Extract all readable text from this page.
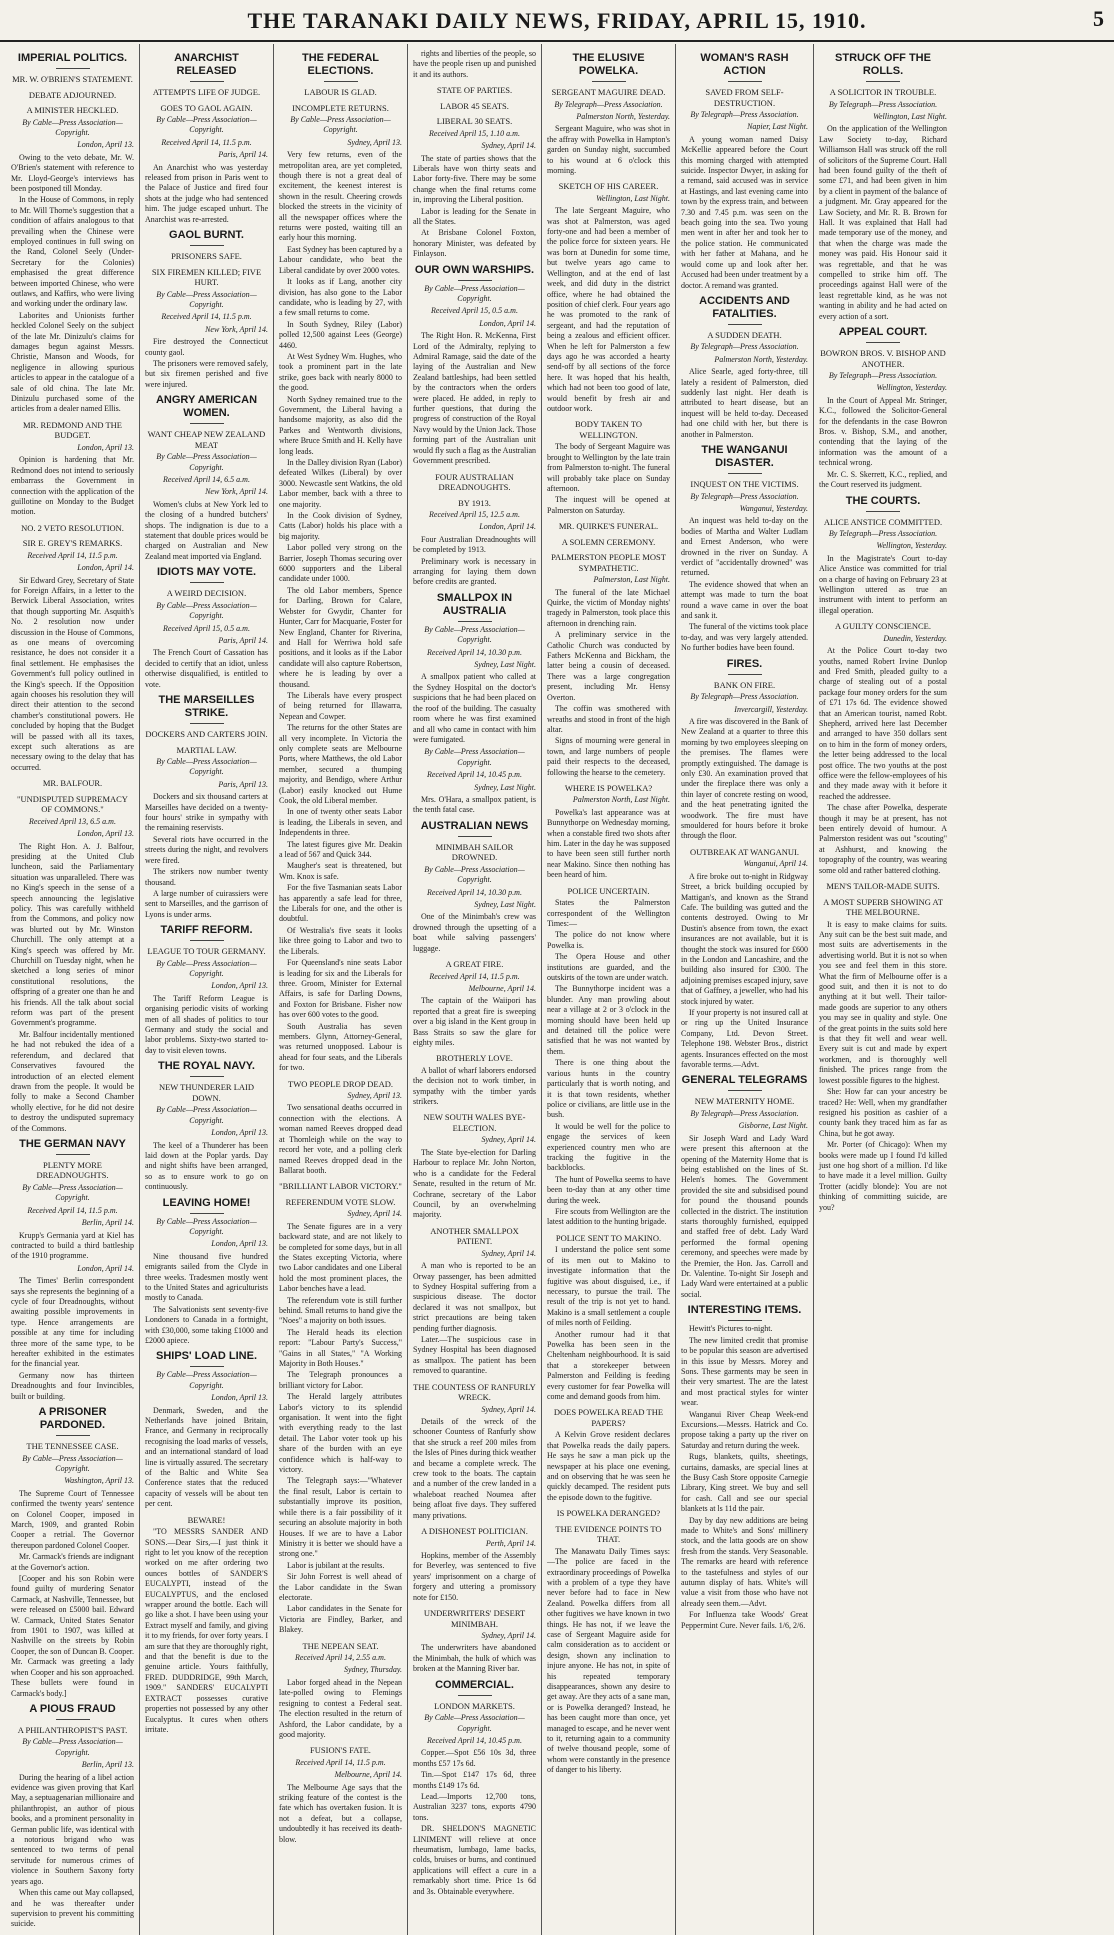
THE TARANAKI DAILY NEWS, FRIDAY, APRIL 15, 1910.	5
IMPERIAL POLITICS.
MR. W. O'BRIEN'S STATEMENT.
DEBATE ADJOURNED.
A MINISTER HECKLED.
By Cable—Press Association—Copyright.
London, April 13.

Owing to the veto debate, Mr. W. O'Brien's statement with reference to Mr. Lloyd-George's interviews has been postponed till Monday.

In the House of Commons, in reply to Mr. Will Thorne's suggestion that a condition of affairs analogous to that prevailing when the Chinese were employed continues in full swing on the Rand, Colonel Seely (Under-Secretary for the Colonies) emphasised the great difference between imported Chinese, who were outlaws, and Kaffirs, who were living and working under the ordinary law.

Laborites and Unionists further heckled Colonel Seely on the subject of the late Mr. Dinizulu's claims for damages begun against Messrs. Christie, Manson and Woods, for negligence in allowing spurious articles to appear in the catalogue of a sale of old china. The late Mr. Dinizulu purchased some of the articles from a dealer named Ellis.

MR. REDMOND AND THE BUDGET.
London, April 13.

Opinion is hardening that Mr. Redmond does not intend to seriously embarrass the Government in connection with the application of the guillotine on Monday to the Budget motion.

NO. 2 VETO RESOLUTION.
SIR E. GREY'S REMARKS.
Received April 14, 11.5 p.m.
London, April 14.

Sir Edward Grey, Secretary of State for Foreign Affairs, in a letter to the Berwick Liberal Association, writes that though supporting Mr. Asquith's No. 2 resolution now under discussion in the House of Commons, as one means of overcoming resistance, he does not consider it a final settlement. He emphasises the Government's full policy outlined in the King's speech. If the Opposition again chooses his resolution they will direct their attention to the second chamber's constitutional powers. He concluded by hoping that the Budget will be passed with all its taxes, except such alterations as are necessary owing to the delay that has occurred.

MR. BALFOUR.
"UNDISPUTED SUPREMACY OF COMMONS."
Received April 13, 6.5 a.m.
London, April 13.

The Right Hon. A. J. Balfour, presiding at the United Club luncheon, said the Parliamentary situation was unparalleled. There was no King's speech in the sense of a speech announcing the legislative policy. This was carefully withheld from the Commons, and policy now was blurted out by Mr. Winston Churchill. The only attempt at a King's speech was offered by Mr. Churchill on Tuesday night, when he sketched a long series of minor constitutional resolutions, the offspring of a greater one than he and his friends. All the talk about social reform was part of the present Government's programme.

Mr. Balfour incidentally mentioned he had not rebuked the idea of a referendum, and declared that Conservatives favoured the introduction of an elected element drawn from the people. It would be folly to make a Second Chamber wholly elective, for he did not desire to destroy the undisputed supremacy of the Commons.

THE GERMAN NAVY
PLENTY MORE DREADNOUGHTS.
By Cable—Press Association—Copyright.
Received April 14, 11.5 p.m.
Berlin, April 14.

Krupp's Germania yard at Kiel has contracted to build a third battleship of the 1910 programme.

London, April 14.

The Times' Berlin correspondent says she represents the beginning of a cycle of four Dreadnoughts, without awaiting possible improvements in type. Hence arrangements are possible at any time for including three more of the same type, to be hereafter exhibited in the estimates for the financial year.

Germany now has thirteen Dreadnoughts and four Invincibles, built or building.

A PRISONER PARDONED.
THE TENNESSEE CASE.
By Cable—Press Association—Copyright.
Washington, April 13.

The Supreme Court of Tennessee confirmed the twenty years' sentence on Colonel Cooper, imposed in March, 1909, and granted Robin Cooper a retrial. The Governor thereupon pardoned Colonel Cooper.

Mr. Carmack's friends are indignant at the Governor's action.

[Cooper and his son Robin were found guilty of murdering Senator Carmack, at Nashville, Tennessee, but were released on £5000 bail. Edward W. Carmack, United States Senator from 1901 to 1907, was killed at Nashville on the streets by Robin Cooper, the son of Duncan B. Cooper. Mr. Carmack was greeting a lady when Cooper and his son approached. These bullets were found in Carmack's body.]

A PIOUS FRAUD
A PHILANTHROPIST'S PAST.
By Cable—Press Association—Copyright.
Berlin, April 13.

During the hearing of a libel action evidence was given proving that Karl May, a septuagenarian millionaire and philanthropist, an author of pious books, and a prominent personality in German public life, was identical with a notorious brigand who was sentenced to two terms of penal servitude for numerous crimes of violence in Southern Saxony forty years ago.

When this came out May collapsed, and he was thereafter under supervision to prevent his committing suicide.

ANARCHIST RELEASED
ATTEMPTS LIFE OF JUDGE.
GOES TO GAOL AGAIN.
By Cable—Press Association—Copyright.
Received April 14, 11.5 p.m.
Paris, April 14.

An Anarchist who was yesterday released from prison in Paris went to the Palace of Justice and fired four shots at the judge who had sentenced him. The judge escaped unhurt. The Anarchist was re-arrested.

GAOL BURNT.
PRISONERS SAFE.
SIX FIREMEN KILLED; FIVE HURT.
By Cable—Press Association—Copyright.
Received April 14, 11.5 p.m.
New York, April 14.

Fire destroyed the Connecticut county gaol.

The prisoners were removed safely, but six firemen perished and five were injured.

ANGRY AMERICAN WOMEN.
WANT CHEAP NEW ZEALAND MEAT
By Cable—Press Association—Copyright.
Received April 14, 6.5 a.m.
New York, April 14.

Women's clubs at New York led to the closing of a hundred butchers' shops. The indignation is due to a statement that double prices would be charged on Australian and New Zealand meat imported via England.

IDIOTS MAY VOTE.
A WEIRD DECISION.
By Cable—Press Association—Copyright.
Received April 15, 0.5 a.m.
Paris, April 14.

The French Court of Cassation has decided to certify that an idiot, unless otherwise disqualified, is entitled to vote.

THE MARSEILLES STRIKE.
DOCKERS AND CARTERS JOIN.
MARTIAL LAW.
By Cable—Press Association—Copyright.
Paris, April 13.

Dockers and six thousand carters at Marseilles have decided on a twenty-four hours' strike in sympathy with the remaining reservists.

Several riots have occurred in the streets during the night, and revolvers were fired.

The strikers now number twenty thousand.

A large number of cuirassiers were sent to Marseilles, and the garrison of Lyons is under arms.

TARIFF REFORM.
LEAGUE TO TOUR GERMANY.
By Cable—Press Association—Copyright.
London, April 13.

The Tariff Reform League is organising periodic visits of working men of all shades of politics to tour Germany and study the social and labor problems. Sixty-two started to-day to visit eleven towns.

THE ROYAL NAVY.
NEW THUNDERER LAID DOWN.
By Cable—Press Association—Copyright.
London, April 13.

The keel of a Thunderer has been laid down at the Poplar yards. Day and night shifts have been arranged, so as to ensure work to go on continuously.

LEAVING HOME!
By Cable—Press Association—Copyright.
London, April 13.

Nine thousand five hundred emigrants sailed from the Clyde in three weeks. Tradesmen mostly went to the United States and agriculturists mostly to Canada.

The Salvationists sent seventy-five Londoners to Canada in a fortnight, with £30,000, some taking £1000 and £2000 apiece.

SHIPS' LOAD LINE.
By Cable—Press Association—Copyright.
London, April 13.

Denmark, Sweden, and the Netherlands have joined Britain, France, and Germany in reciprocally recognising the load marks of vessels, and an international standard of load line is virtually assured. The secretary of the Baltic and White Sea Conference states that the reduced capacity of vessels will be about ten per cent.

BEWARE!

"TO MESSRS SANDER AND SONS.—Dear Sirs,—I just think it right to let you know of the reception worked on me after ordering two ounces bottles of SANDER'S EUCALYPTI, instead of the EUCALYPTUS, and the enclosed wrapper around the bottle. Each will go like a shot. I have been using your Extract myself and family, and giving it to my friends, for over forty years. I am sure that they are thoroughly right, and that the benefit is due to the genuine article. Yours faithfully, FRED. DUDDRIDGE, 99th March, 1909." SANDERS' EUCALYPTI EXTRACT possesses curative properties not possessed by any other Eucalyptus. It cures when others irritate.

THE FEDERAL ELECTIONS.
LABOUR IS GLAD.
INCOMPLETE RETURNS.
By Cable—Press Association—Copyright.
Sydney, April 13.

Very few returns, even of the metropolitan area, are yet completed, though there is not a great deal of excitement, the keenest interest is shown in the result. Cheering crowds blocked the streets in the vicinity of all the newspaper offices where the returns were posted, waiting till an early hour this morning.

East Sydney has been captured by a Labour candidate, who beat the Liberal candidate by over 2000 votes.

It looks as if Lang, another city division, has also gone to the Labor candidate, who is leading by 27, with a few small returns to come.

In South Sydney, Riley (Labor) polled 12,500 against Lees (George) 4460.

At West Sydney Wm. Hughes, who took a prominent part in the late strike, goes back with nearly 8000 to the good.

North Sydney remained true to the Government, the Liberal having a handsome majority, as also did the Parkes and Wentworth divisions, where Bruce Smith and H. Kelly have long leads.

In the Dalley division Ryan (Labor) defeated Wilkes (Liberal) by over 3000. Newcastle sent Watkins, the old Labor member, back with a three to one majority.

In the Cook division of Sydney, Catts (Labor) holds his place with a big majority.

Labor polled very strong on the Barrier, Joseph Thomas securing over 6000 supporters and the Liberal candidate under 1000.

The old Labor members, Spence for Darling, Brown for Calare, Webster for Gwydir, Chanter for Hunter, Carr for Macquarie, Foster for New England, Chanter for Riverina, and Hall for Werriwa hold safe positions, and it looks as if the Labor candidate will also capture Robertson, where he is leading by over a thousand.

The Liberals have every prospect of being returned for Illawarra, Nepean and Cowper.

The returns for the other States are all very incomplete. In Victoria the only complete seats are Melbourne Ports, where Matthews, the old Labor member, secured a thumping majority, and Bendigo, where Arthur (Labor) easily knocked out Hume Cook, the old Liberal member.

In one of twenty other seats Labor is leading, the Liberals in seven, and Independents in three.

The latest figures give Mr. Deakin a lead of 567 and Quick 344.

Maugher's seat is threatened, but Wm. Knox is safe.

For the five Tasmanian seats Labor has apparently a safe lead for three, the Liberals for one, and the other is doubtful.

Of Westralia's five seats it looks like three going to Labor and two to the Liberals.

For Queensland's nine seats Labor is leading for six and the Liberals for three. Groom, Minister for External Affairs, is safe for Darling Downs, and Foxton for Brisbane. Fisher now has over 600 votes to the good.

South Australia has seven members. Glynn, Attorney-General, was returned unopposed. Labour is ahead for four seats, and the Liberals for two.

TWO PEOPLE DROP DEAD.
Sydney, April 13.

Two sensational deaths occurred in connection with the elections. A woman named Reeves dropped dead at Thornleigh while on the way to record her vote, and a polling clerk named Reeves dropped dead in the Ballarat booth.

"BRILLIANT LABOR VICTORY."
REFERENDUM VOTE SLOW.
Sydney, April 14.

The Senate figures are in a very backward state, and are not likely to be completed for some days, but in all the States excepting Victoria, where two Labor candidates and one Liberal hold the most prominent places, the Labor benches have a lead.

The referendum vote is still further behind. Small returns to hand give the "Noes" a majority on both issues.

The Herald heads its election report: "Labour Party's Success," "Gains in all States," "A Working Majority in Both Houses."

The Telegraph pronounces a brilliant victory for Labor.

The Herald largely attributes Labor's victory to its splendid organisation. It went into the fight with everything ready to the last detail. The Labor voter took up his share of the burden with an eye confidence which is half-way to victory.

The Telegraph says:—"Whatever the final result, Labor is certain to substantially improve its position, while there is a fair possibility of it securing an absolute majority in both Houses. If we are to have a Labor Ministry it is better we should have a strong one."

Labor is jubilant at the results.

Sir John Forrest is well ahead of the Labor candidate in the Swan electorate.

Labor candidates in the Senate for Victoria are Findley, Barker, and Blakey.

THE NEPEAN SEAT.
Received April 14, 2.55 a.m.
Sydney, Thursday.

Labor forged ahead in the Nepean late-polled owing to Flemings resigning to contest a Federal seat. The election resulted in the return of Ashford, the Labor candidate, by a good majority.

FUSION'S FATE.
Received April 14, 11.5 p.m.
Melbourne, April 14.

The Melbourne Age says that the striking feature of the contest is the fate which has overtaken fusion. It is not a defeat, but a collapse, undoubtedly it has received its death-blow.

rights and liberties of the people, so have the people risen up and punished it and its authors.

STATE OF PARTIES.
LABOR 45 SEATS.
LIBERAL 30 SEATS.
Received April 15, 1.10 a.m.
Sydney, April 14.

The state of parties shows that the Liberals have won thirty seats and Labor forty-five. There may be some change when the final returns come in, improving the Liberal position.

Labor is leading for the Senate in all the States.

At Brisbane Colonel Foxton, honorary Minister, was defeated by Finlayson.

OUR OWN WARSHIPS.
By Cable—Press Association—Copyright.
Received April 15, 0.5 a.m.
London, April 14.

The Right Hon. R. McKenna, First Lord of the Admiralty, replying to Admiral Ramage, said the date of the laying of the Australian and New Zealand battleships, had been settled by the contractors when the orders were placed. He added, in reply to further questions, that during the progress of construction of the Royal Navy would by the Union Jack. Those forming part of the Australian unit would fly such a flag as the Australian Government prescribed.

FOUR AUSTRALIAN DREADNOUGHTS.
BY 1913.
Received April 15, 12.5 a.m.
London, April 14.

Four Australian Dreadnoughts will be completed by 1913.

Preliminary work is necessary in arranging for laying them down before credits are granted.

SMALLPOX IN AUSTRALIA
By Cable—Press Association—Copyright.
Received April 14, 10.30 p.m.
Sydney, Last Night.

A smallpox patient who called at the Sydney Hospital on the doctor's suspicions that he had been placed on the roof of the building. The casualty room where he was first examined and all who came in contact with him were fumigated.

By Cable—Press Association—Copyright.
Received April 14, 10.45 p.m.
Sydney, Last Night.

Mrs. O'Hara, a smallpox patient, is the tenth fatal case.

AUSTRALIAN NEWS
MINIMBAH SAILOR DROWNED.
By Cable—Press Association—Copyright.
Received April 14, 10.30 p.m.
Sydney, Last Night.

One of the Minimbah's crew was drowned through the upsetting of a boat while salving passengers' luggage.

A GREAT FIRE.
Received April 14, 11.5 p.m.
Melbourne, April 14.

The captain of the Waiipori has reported that a great fire is sweeping over a big island in the Kent group in Bass Straits so saw the glare for eighty miles.

BROTHERLY LOVE.

A ballot of wharf laborers endorsed the decision not to work timber, in sympathy with the timber yards strikers.

NEW SOUTH WALES BYE-ELECTION.
Sydney, April 14.

The State bye-election for Darling Harbour to replace Mr. John Norton, who is a candidate for the Federal Senate, resulted in the return of Mr. Cochrane, secretary of the Labor Council, by an overwhelming majority.

ANOTHER SMALLPOX PATIENT.
Sydney, April 14.

A man who is reported to be an Orway passenger, has been admitted to Sydney Hospital suffering from a suspicious disease. The doctor declared it was not smallpox, but strict precautions are being taken pending further diagnosis.

Later.—The suspicious case in Sydney Hospital has been diagnosed as smallpox. The patient has been removed to quarantine.

THE COUNTESS OF RANFURLY WRECK.
Sydney, April 14.

Details of the wreck of the schooner Countess of Ranfurly show that she struck a reef 200 miles from the Isles of Pines during thick weather and became a complete wreck. The crew took to the boats. The captain and a number of the crew landed in a whaleboat reached Noumea after being afloat five days. They suffered many privations.

A DISHONEST POLITICIAN.
Perth, April 14.

Hopkins, member of the Assembly for Beverley, was sentenced to five years' imprisonment on a charge of forgery and uttering a promissory note for £150.

UNDERWRITERS' DESERT MINIMBAH.
Sydney, April 14.

The underwriters have abandoned the Minimbah, the hulk of which was broken at the Manning River bar.

COMMERCIAL.
LONDON MARKETS.
By Cable—Press Association—Copyright.
Received April 14, 10.45 p.m.

Copper.—Spot £56 10s 3d, three months £57 17s 6d.

Tin.—Spot £147 17s 6d, three months £149 17s 6d.

Lead.—Imports 12,700 tons, Australian 3237 tons, exports 4790 tons.

DR. SHELDON'S MAGNETIC LINIMENT will relieve at once rheumatism, lumbago, lame backs, colds, bruises or burns, and continued applications will effect a cure in a remarkably short time. Price 1s 6d and 3s. Obtainable everywhere.

THE ELUSIVE POWELKA.
SERGEANT MAGUIRE DEAD.
By Telegraph—Press Association.
Palmerston North, Yesterday.

Sergeant Maguire, who was shot in the affray with Powelka in Hampton's garden on Sunday night, succumbed to his wound at 6 o'clock this morning.

SKETCH OF HIS CAREER.
Wellington, Last Night.

The late Sergeant Maguire, who was shot at Palmerston, was aged forty-one and had been a member of the police force for sixteen years. He was born at Dunedin for some time, but twelve years ago came to Wellington, and at the end of last week, and did duty in the district office, where he had obtained the position of chief clerk. Four years ago he was promoted to the rank of sergeant, and had the reputation of being a zealous and efficient officer. When he left for Palmerston a few days ago he was accorded a hearty send-off by all sections of the force here. It was hoped that his health, which had not been too good of late, would benefit by fresh air and outdoor work.

BODY TAKEN TO WELLINGTON.

The body of Sergeant Maguire was brought to Wellington by the late train from Palmerston to-night. The funeral will probably take place on Sunday afternoon.

The inquest will be opened at Palmerston on Saturday.

MR. QUIRKE'S FUNERAL.
A SOLEMN CEREMONY.
PALMERSTON PEOPLE MOST SYMPATHETIC.
Palmerston, Last Night.

The funeral of the late Michael Quirke, the victim of Monday nights' tragedy in Palmerston, took place this afternoon in drenching rain.

A preliminary service in the Catholic Church was conducted by Fathers McKenna and Bickham, the latter being a cousin of deceased. There was a large congregation present, including Mr. Hensy Overton.

The coffin was smothered with wreaths and stood in front of the high altar.

Signs of mourning were general in town, and large numbers of people paid their respects to the deceased, following the hearse to the cemetery.

WHERE IS POWELKA?
Palmerston North, Last Night.

Powelka's last appearance was at Bunnythorpe on Wednesday morning, when a constable fired two shots after him. Later in the day he was supposed to have been seen still further north near Makino. Since then nothing has been heard of him.

POLICE UNCERTAIN.

States the Palmerston correspondent of the Wellington Times:—

The police do not know where Powelka is.

The Opera House and other institutions are guarded, and the outskirts of the town are under watch.

The Bunnythorpe incident was a blunder. Any man prowling about near a village at 2 or 3 o'clock in the morning should have been held up and detained till the police were satisfied that he was not wanted by them.

There is one thing about the various hunts in the country particularly that is worth noting, and it is that town residents, whether police or civilians, are little use in the bush.

It would be well for the police to engage the services of keen experienced country men who are tracking the fugitive in the backblocks.

The hunt of Powelka seems to have been to-day than at any other time during the week.

Fire scouts from Wellington are the latest addition to the hunting brigade.

POLICE SENT TO MAKINO.

I understand the police sent some of its men out to Makino to investigate information that the fugitive was about disguised, i.e., if necessary, to pursue the trail. The result of the trip is not yet to hand. Makino is a small settlement a couple of miles north of Feilding.

Another rumour had it that Powelka has been seen in the Cheltenham neighbourhood. It is said that a storekeeper between Palmerston and Feilding is feeding every customer for fear Powelka will come and demand goods from him.

DOES POWELKA READ THE PAPERS?

A Kelvin Grove resident declares that Powelka reads the daily papers. He says he saw a man pick up the newspaper at his place one evening, and on observing that he was seen he quickly decamped. The resident puts the episode down to the fugitive.

IS POWELKA DERANGED?
THE EVIDENCE POINTS TO THAT.

The Manawatu Daily Times says:—The police are faced in the extraordinary proceedings of Powelka with a problem of a type they have never before had to face in New Zealand. Powelka differs from all other fugitives we have known in two things. He has not, if we leave the case of Sergeant Maguire aside for calm consideration as to accident or design, shown any inclination to injure anyone. He has not, in spite of his repeated temporary disappearances, shown any desire to get away. Are they acts of a sane man, or is Powelka deranged? Instead, he has been caught more than once, yet managed to escape, and he never went to it, returning again to a community of twelve thousand people, some of whom were constantly in the presence of danger to his liberty.

WOMAN'S RASH ACTION
SAVED FROM SELF-DESTRUCTION.
By Telegraph—Press Association.
Napier, Last Night.

A young woman named Daisy McKellie appeared before the Court this morning charged with attempted suicide. Inspector Dwyer, in asking for a remand, said accused was in service at Hastings, and last evening came into town by the express train, and between 7.30 and 7.45 p.m. was seen on the beach going into the sea. Two young men went in after her and took her to the police station. He communicated with her father at Mahana, and he would come up and look after her. Accused had been under treatment by a doctor. A remand was granted.

ACCIDENTS AND FATALITIES.
A SUDDEN DEATH.
By Telegraph—Press Association.
Palmerston North, Yesterday.

Alice Searle, aged forty-three, till lately a resident of Palmerston, died suddenly last night. Her death is attributed to heart disease, but an inquest will be held to-day. Deceased had one child with her, but there is another in Palmerston.

THE WANGANUI DISASTER.
INQUEST ON THE VICTIMS.
By Telegraph—Press Association.
Wanganui, Yesterday.

An inquest was held to-day on the bodies of Martha and Walter Ludlam and Ernest Anderson, who were drowned in the river on Sunday. A verdict of "accidentally drowned" was returned.

The evidence showed that when an attempt was made to turn the boat round a wave came in over the boat and sank it.

The funeral of the victims took place to-day, and was very largely attended. No further bodies have been found.

FIRES.
BANK ON FIRE.
By Telegraph—Press Association.
Invercargill, Yesterday.

A fire was discovered in the Bank of New Zealand at a quarter to three this morning by two employees sleeping on the premises. The flames were promptly extinguished. The damage is only £30. An examination proved that under the fireplace there was only a thin layer of concrete resting on wood, and the heat penetrating ignited the woodwork. The fire must have smouldered for hours before it broke through the floor.

OUTBREAK AT WANGANUI.
Wanganui, April 14.

A fire broke out to-night in Ridgway Street, a brick building occupied by Mattigan's, and known as the Strand Cafe. The building was gutted and the contents destroyed. Owing to Mr Dustin's absence from town, the exact insurances are not available, but it is thought the stock was insured for £600 in the London and Lancashire, and the building also insured for £300. The adjoining premises escaped injury, save that of Gaffney, a jeweller, who had his stock injured by water.

If your property is not insured call at or ring up the United Insurance Company, Ltd. Devon Street. Telephone 198. Webster Bros., district agents. Insurances effected on the most favorable terms.—Advt.

GENERAL TELEGRAMS
NEW MATERNITY HOME.
By Telegraph—Press Association.
Gisborne, Last Night.

Sir Joseph Ward and Lady Ward were present this afternoon at the opening of the Maternity Home that is being established on the lines of St. Helen's homes. The Government provided the site and subsidised pound for pound the thousand pounds collected in the district. The institution starts thoroughly furnished, equipped and staffed free of debt. Lady Ward performed the formal opening ceremony, and speeches were made by the Premier, the Hon. Jas. Carroll and Dr. Valentine. To-night Sir Joseph and Lady Ward were entertained at a public social.

INTERESTING ITEMS.

Hewitt's Pictures to-night.

The new limited credit that promise to be popular this season are advertised in this issue by Messrs. Morey and Sons. These garments may be seen in their very smartest. The are the latest and most practical styles for winter wear.

Wanganui River Cheap Week-end Excursions.—Messrs. Hatrick and Co. propose taking a party up the river on Saturday and return during the week.

Rugs, blankets, quilts, sheetings, curtains, damasks, are special lines at the Busy Cash Store opposite Carnegie Library, King street. We buy and sell for cash. Call and see our special blankets at ls 11d the pair.

Day by day new additions are being made to White's and Sons' millinery stock, and the latta goods are on show fresh from the stands. Very Seasonable. The remarks are heard with reference to the tastefulness and styles of our autumn display of hats. White's will value a visit from those who have not already seen them.—Advt.

For Influenza take Woods' Great Peppermint Cure. Never fails. 1/6, 2/6.

STRUCK OFF THE ROLLS.
A SOLICITOR IN TROUBLE.
By Telegraph—Press Association.
Wellington, Last Night.

On the application of the Wellington Law Society to-day, Richard Williamson Hall was struck off the roll of solicitors of the Supreme Court. Hall had been found guilty of the theft of some £71, and had been given in him by a client in payment of the balance of a judgment. Mr. Gray appeared for the Law Society, and Mr. R. B. Brown for Hall. It was explained that Hall had made temporary use of the money, and that when the charge was made the money was paid. His Honour said it was regrettable, and that he was compelled to strike him off. The proceedings against Hall were of the least regrettable kind, as he was not wanting in ability and he had acted on every action of a sort.

APPEAL COURT.
BOWRON BROS. V. BISHOP AND ANOTHER.
By Telegraph—Press Association.
Wellington, Yesterday.

In the Court of Appeal Mr. Stringer, K.C., followed the Solicitor-General for the defendants in the case Bowron Bros. v. Bishop, S.M., and another, contending that the laying of the information was the amount of a technical wrong.

Mr. C. S. Skerrett, K.C., replied, and the Court reserved its judgment.

THE COURTS.
ALICE ANSTICE COMMITTED.
By Telegraph—Press Association.
Wellington, Yesterday.

In the Magistrate's Court to-day Alice Anstice was committed for trial on a charge of having on February 23 at Wellington uttered as true an instrument with intent to perform an illegal operation.

A GUILTY CONSCIENCE.
Dunedin, Yesterday.

At the Police Court to-day two youths, named Robert Irvine Dunlop and Fred Smith, pleaded guilty to a charge of stealing out of a postal package four money orders for the sum of £71 17s 6d. The evidence showed that an American tourist, named Robt. Shepherd, arrived here last December and arranged to have 350 dollars sent on to him in the form of money orders, the letter being addressed to the local post office. The two youths at the post office were the fellow-employees of his and they made away with it before it reached the addressee.

The chase after Powelka, desperate though it may be at present, has not been entirely devoid of humour. A Palmerston resident was out "scouting" at Ashhurst, and knowing the topography of the country, was wearing some old and rather battered clothing.

MEN'S TAILOR-MADE SUITS.
A MOST SUPERB SHOWING AT THE MELBOURNE.

It is easy to make claims for suits. Any suit can be the best suit made, and most suits are advertisements in the advertising world. But it is not so when you see and feel them in this store. What the firm of Melbourne offer is a good suit, and then it is not to do anything at it but well. Their tailor-made goods are superior to any others you may see in quality and style. One of the great points in the suits sold here is that they fit well and wear well. Every suit is cut and made by expert workmen, and is thoroughly well finished. The prices range from the lowest possible figures to the highest.

She: How far can your ancestry be traced? He: Well, when my grandfather resigned his position as cashier of a county bank they traced him as far as China, but he got away.

Mr. Porter (of Chicago): When my books were made up I found I'd killed just one hog short of a million. I'd like to have made it a level million. Guilty Trotter (acidly blonde): You are not thinking of committing suicide, are you?
